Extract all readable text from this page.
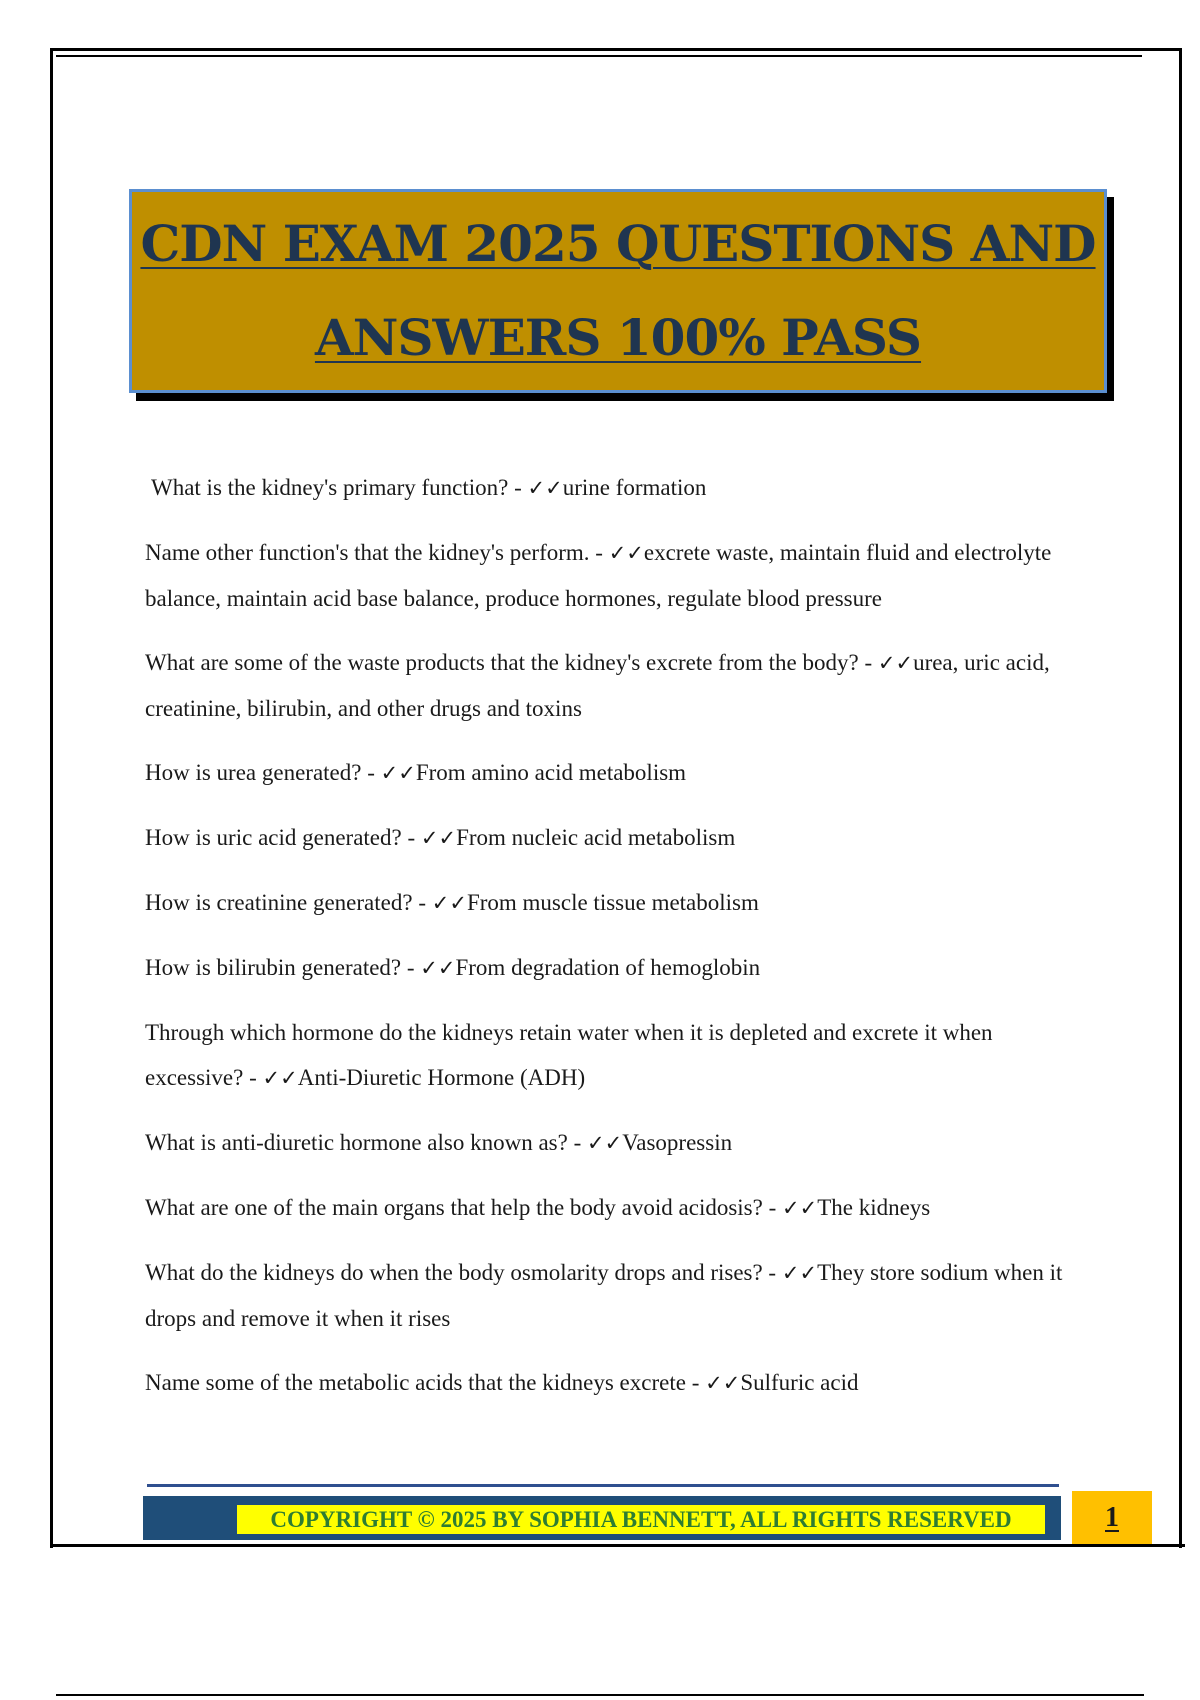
CDN EXAM 2025 QUESTIONS AND
ANSWERS 100% PASS
What is the kidney's primary function? - ✓✓urine formation
Name other function's that the kidney's perform. - ✓✓excrete waste, maintain fluid and electrolyte balance, maintain acid base balance, produce hormones, regulate blood pressure
What are some of the waste products that the kidney's excrete from the body? - ✓✓urea, uric acid, creatinine, bilirubin, and other drugs and toxins
How is urea generated? - ✓✓From amino acid metabolism
How is uric acid generated? - ✓✓From nucleic acid metabolism
How is creatinine generated? - ✓✓From muscle tissue metabolism
How is bilirubin generated? - ✓✓From degradation of hemoglobin
Through which hormone do the kidneys retain water when it is depleted and excrete it when excessive? - ✓✓Anti-Diuretic Hormone (ADH)
What is anti-diuretic hormone also known as? - ✓✓Vasopressin
What are one of the main organs that help the body avoid acidosis? - ✓✓The kidneys
What do the kidneys do when the body osmolarity drops and rises? - ✓✓They store sodium when it drops and remove it when it rises
Name some of the metabolic acids that the kidneys excrete - ✓✓Sulfuric acid
COPYRIGHT © 2025 BY SOPHIA BENNETT, ALL RIGHTS RESERVED	1
